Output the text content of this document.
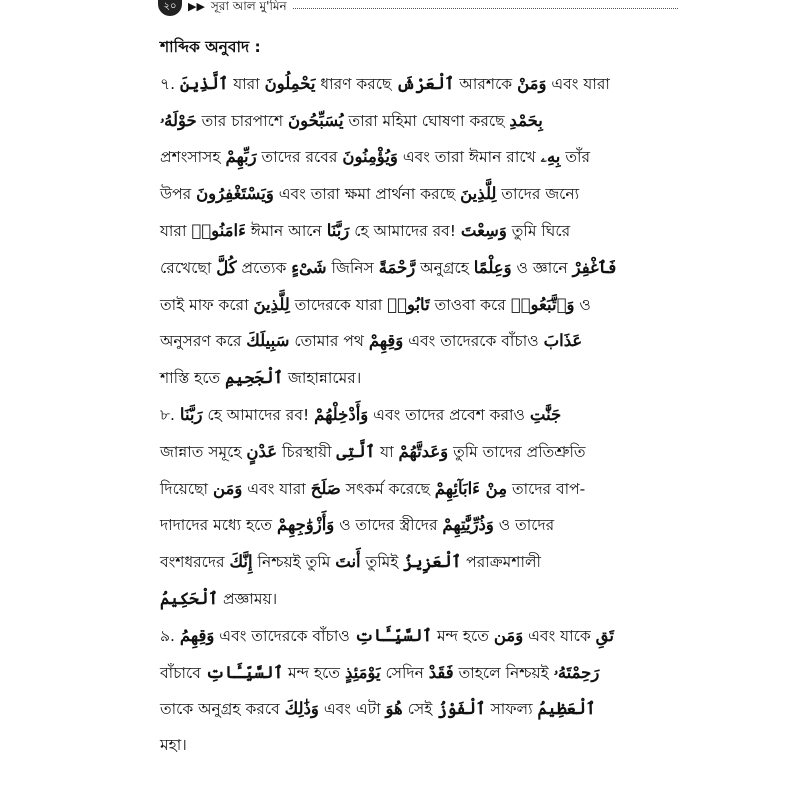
২০	▶▶ সূরা আল মু'মিন
শাব্দিক অনুবাদ :
৭. ٱلَّذِينَ যারা يَحْمِلُونَ ধারণ করছে ٱلْعَرْشَ আরশকে وَمَنْ এবং যারা
حَوْلَهُۥ তার চারপাশে يُسَبِّحُونَ তারা মহিমা ঘোষণা করছে بِحَمْدِ
প্রশংসাসহ رَبِّهِمْ তাদের রবের وَيُؤْمِنُونَ এবং তারা ঈমান রাখে بِهِۦ তাঁর
উপর وَيَسْتَغْفِرُونَ এবং তারা ক্ষমা প্রার্থনা করছে لِلَّذِينَ তাদের জন্যে
যারা ءَامَنُوا۟ ঈমান আনে رَبَّنَا হে আমাদের রব! وَسِعْتَ তুমি ঘিরে
রেখেছো كُلَّ প্রত্যেক شَىْءٍ জিনিস رَّحْمَةً অনুগ্রহে وَعِلْمًا ও জ্ঞানে فَٱغْفِرْ
তাই মাফ করো لِلَّذِينَ তাদেরকে যারা تَابُوا۟ তাওবা করে وَٱتَّبَعُوا۟ ও
অনুসরণ করে سَبِيلَكَ তোমার পথ وَقِهِمْ এবং তাদেরকে বাঁচাও عَذَابَ
শাস্তি হতে ٱلْجَحِيمِ জাহান্নামের।
৮. رَبَّنَا হে আমাদের রব! وَأَدْخِلْهُمْ এবং তাদের প্রবেশ করাও جَنَّٰتِ
জান্নাত সমূহে عَدْنٍ চিরস্থায়ী ٱلَّتِى যা وَعَدتَّهُمْ তুমি তাদের প্রতিশ্রুতি
দিয়েছো وَمَن এবং যারা صَلَحَ সৎকর্ম করেছে مِنْ ءَابَآئِهِمْ তাদের বাপ-
দাদাদের মধ্যে হতে وَأَزْوَٰجِهِمْ ও তাদের স্ত্রীদের وَذُرِّيَّٰتِهِمْ ও তাদের
বংশধরদের إِنَّكَ নিশ্চয়ই তুমি أَنتَ তুমিই ٱلْعَزِيزُ পরাক্রমশালী
ٱلْحَكِيمُ প্রজ্ঞাময়।
৯. وَقِهِمُ এবং তাদেরকে বাঁচাও ٱلسَّيِّـَٔاتِ মন্দ হতে وَمَن এবং যাকে تَقِ
বাঁচাবে ٱلسَّيِّـَٔاتِ মন্দ হতে يَوْمَئِذٍ সেদিন فَقَدْ তাহলে নিশ্চয়ই رَحِمْتَهُۥ
তাকে অনুগ্রহ করবে وَذَٰلِكَ এবং এটা هُوَ সেই ٱلْفَوْزُ সাফল্য ٱلْعَظِيمُ
মহা।
